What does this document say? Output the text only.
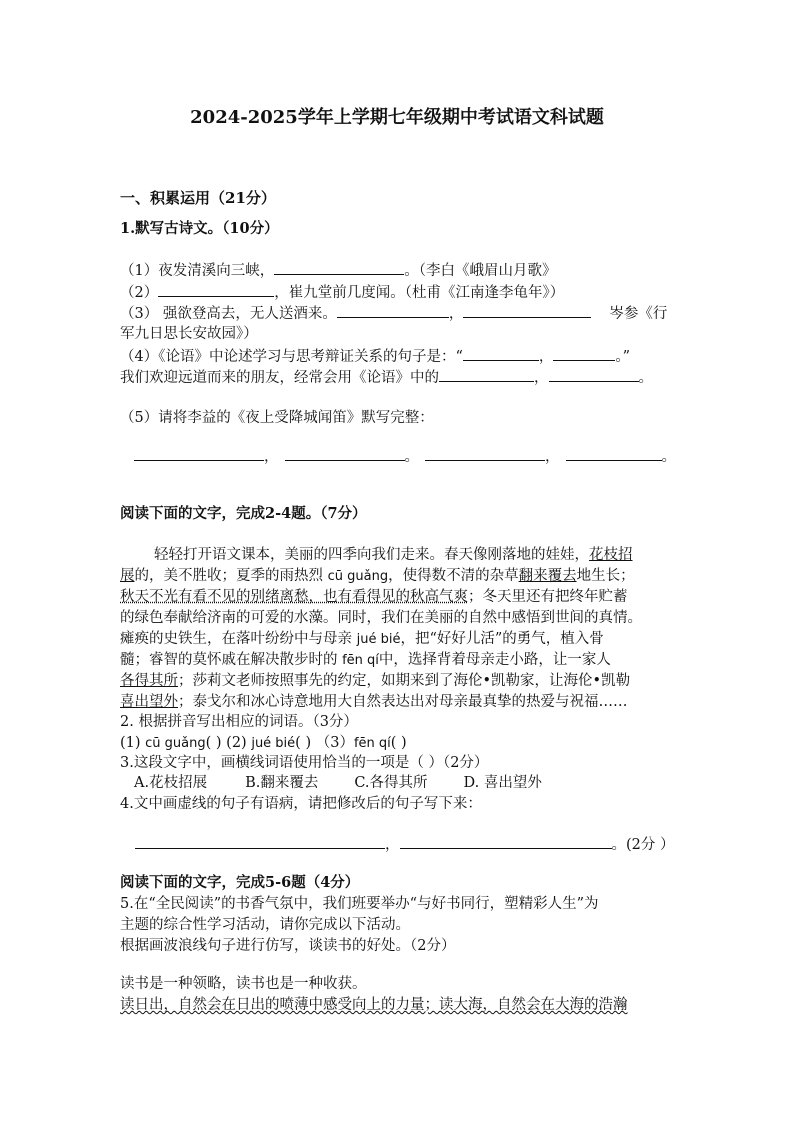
2024-2025学年上学期七年级期中考试语文科试题
一、积累运用（21分）
1.默写古诗文。（10分）
（1）夜发清溪向三峡，	。（李白《峨眉山月歌》
（2）	，崔九堂前几度闻。（杜甫《江南逢李龟年》）
（3） 强欲登高去，无人送酒来。	，	岑参《行
军九日思长安故园》）
（4）《论语》中论述学习与思考辩证关系的句子是：“	，	。”
我们欢迎远道而来的朋友，经常会用《论语》中的	，	。
（5）请将李益的《夜上受降城闻笛》默写完整：
，	。	，	。
阅读下面的文字，完成2-4题。（7分）
轻轻打开语文课本，美丽的四季向我们走来。春天像刚落地的娃娃，花枝招
展的，美不胜收；夏季的雨热烈 cū guǎng，使得数不清的杂草翻来覆去地生长；
秋天不光有看不见的别绪离愁，也有看得见的秋高气爽；冬天里还有把终年贮蓄
的绿色奉献给济南的可爱的水藻。同时，我们在美丽的自然中感悟到世间的真情。
瘫痪的史铁生，在落叶纷纷中与母亲 jué bié，把“好好儿活”的勇气，植入骨
髓；睿智的莫怀戚在解决散步时的 fēn qí中，选择背着母亲走小路，让一家人
各得其所；莎莉文老师按照事先的约定，如期来到了海伦•凯勒家，让海伦•凯勒
喜出望外；泰戈尔和冰心诗意地用大自然表达出对母亲最真挚的热爱与祝福……
2. 根据拼音写出相应的词语。（3分）
(1) cū guǎng( ) (2) jué bié( ) （3）fēn qí( )
3.这段文字中，画横线词语使用恰当的一项是（ ）（2分）
A.花枝招展	B.翻来覆去 C.各得其所 D. 喜出望外
4.文中画虚线的句子有语病，请把修改后的句子写下来：
，	。(2分 ）
阅读下面的文字，完成5-6题（4分）
5.在“全民阅读”的书香气氛中，我们班要举办“与好书同行，塑精彩人生”为
主题的综合性学习活动，请你完成以下活动。
根据画波浪线句子进行仿写，谈读书的好处。（2分）
读书是一种领略，读书也是一种收获。
读日出，自然会在日出的喷薄中感受向上的力量；读大海，自然会在大海的浩瀚
